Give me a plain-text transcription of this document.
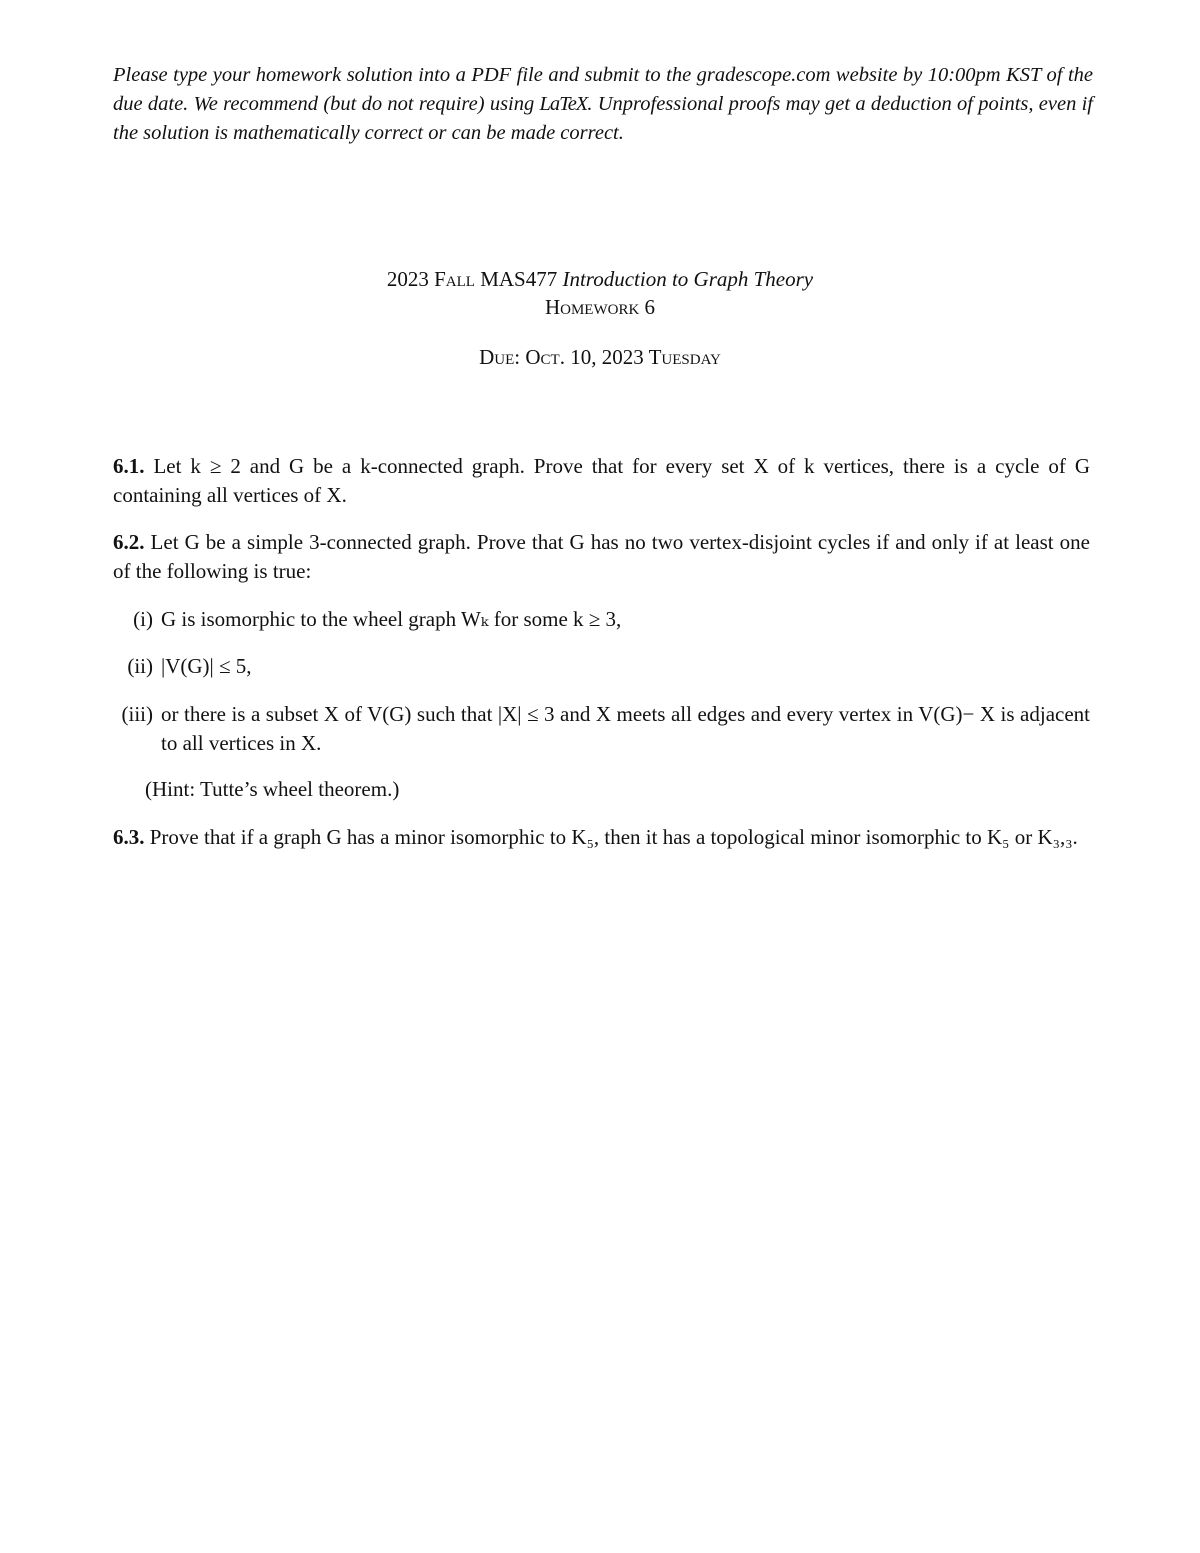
Please type your homework solution into a PDF file and submit to the gradescope.com website by 10:00pm KST of the due date. We recommend (but do not require) using LaTeX. Unprofessional proofs may get a deduction of points, even if the solution is mathematically correct or can be made correct.
2023 Fall MAS477 Introduction to Graph Theory
Homework 6
Due: Oct. 10, 2023 Tuesday
6.1. Let k ≥ 2 and G be a k-connected graph. Prove that for every set X of k vertices, there is a cycle of G containing all vertices of X.
6.2. Let G be a simple 3-connected graph. Prove that G has no two vertex-disjoint cycles if and only if at least one of the following is true:
(i) G is isomorphic to the wheel graph Wₖ for some k ≥ 3,
(ii) |V(G)| ≤ 5,
(iii) or there is a subset X of V(G) such that |X| ≤ 3 and X meets all edges and every vertex in V(G)− X is adjacent to all vertices in X.
(Hint: Tutte’s wheel theorem.)
6.3. Prove that if a graph G has a minor isomorphic to K₅, then it has a topological minor isomorphic to K₅ or K₃,₃.
